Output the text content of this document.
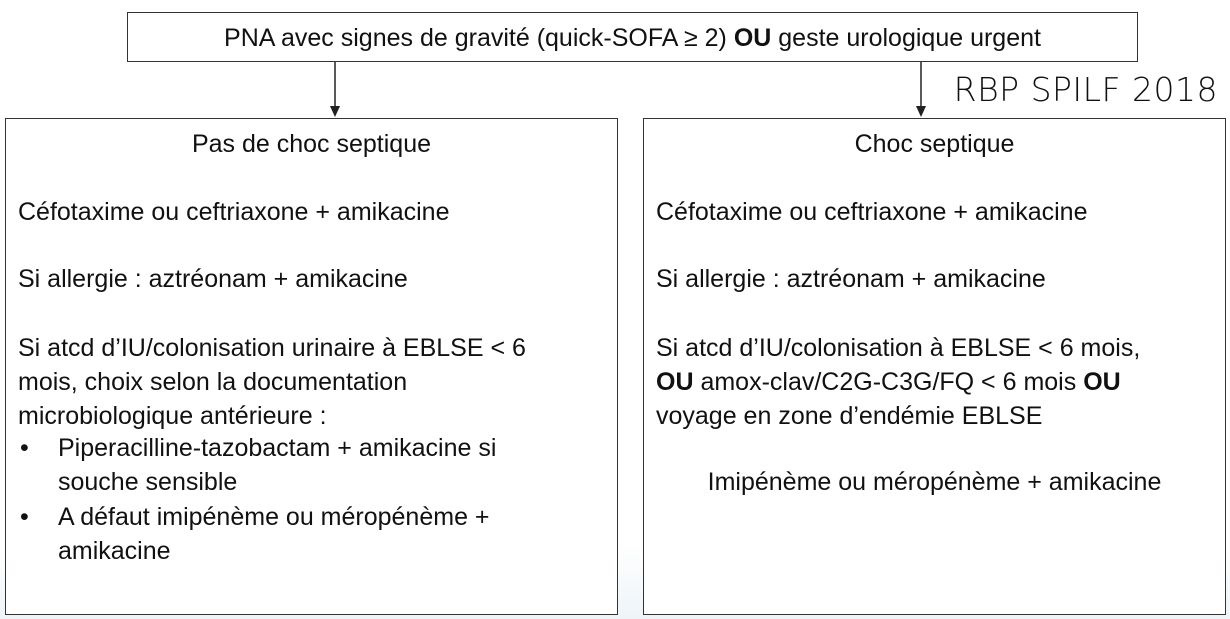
PNA avec signes de gravité (quick-SOFA ≥ 2) OU geste urologique urgent
RBP SPILF 2018

Pas de choc septique

Céfotaxime ou ceftriaxone + amikacine

Si allergie : aztréonam + amikacine

Si atcd d’IU/colonisation urinaire à EBLSE < 6

mois, choix selon la documentation

microbiologique antérieure :

• Piperacilline-tazobactam + amikacine si

souche sensible

• A défaut imipénème ou méropénème +

amikacine

Choc septique

Céfotaxime ou ceftriaxone + amikacine

Si allergie : aztréonam + amikacine

Si atcd d’IU/colonisation à EBLSE < 6 mois,

OU amox-clav/C2G-C3G/FQ < 6 mois OU

voyage en zone d’endémie EBLSE

Imipénème ou méropénème + amikacine
